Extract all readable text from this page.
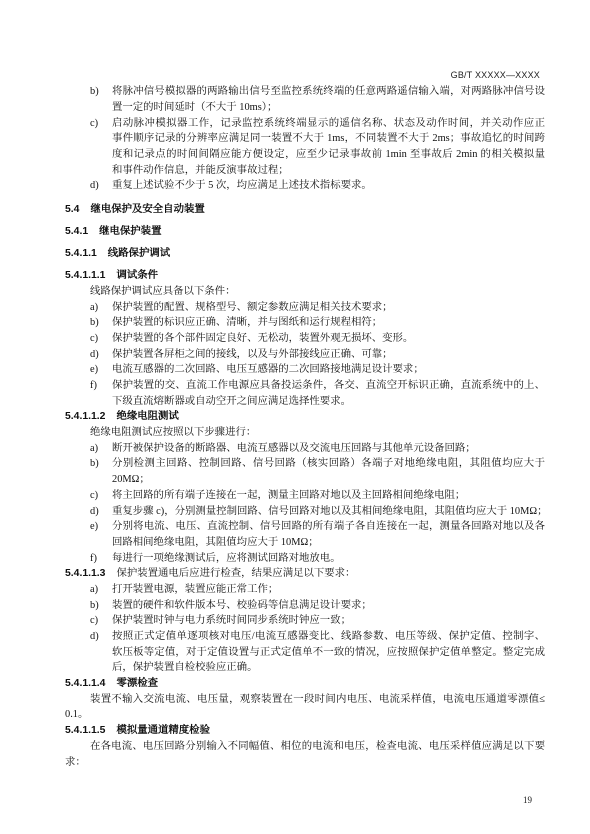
GB/T XXXXX—XXXX
b) 将脉冲信号模拟器的两路输出信号至监控系统终端的任意两路遥信输入端，对两路脉冲信号设
置一定的时间延时（不大于 10ms）；
c) 启动脉冲模拟器工作，记录监控系统终端显示的遥信名称、状态及动作时间，并关动作应正
事件顺序记录的分辨率应满足同一装置不大于 1ms，不同装置不大于 2ms；事故追忆的时间跨
度和记录点的时间间隔应能方便设定，应至少记录事故前 1min 至事故后 2min 的相关模拟量
和事件动作信息，并能反演事故过程；
d) 重复上述试验不少于 5 次，均应满足上述技术指标要求。
5.4 继电保护及安全自动装置
5.4.1 继电保护装置
5.4.1.1 线路保护调试
5.4.1.1.1 调试条件
线路保护调试应具备以下条件：
a) 保护装置的配置、规格型号、额定参数应满足相关技术要求；
b) 保护装置的标识应正确、清晰，并与图纸和运行规程相符；
c) 保护装置的各个部件固定良好、无松动，装置外观无损坏、变形。
d) 保护装置各屏柜之间的接线，以及与外部接线应正确、可靠；
e) 电流互感器的二次回路、电压互感器的二次回路接地满足设计要求；
f) 保护装置的交、直流工作电源应具备投运条件，各交、直流空开标识正确，直流系统中的上、
下级直流熔断器或自动空开之间应满足选择性要求。
5.4.1.1.2 绝缘电阻测试
绝缘电阻测试应按照以下步骤进行：
a) 断开被保护设备的断路器、电流互感器以及交流电压回路与其他单元设备回路；
b) 分别检测主回路、控制回路、信号回路（核实回路）各端子对地绝缘电阻，其阻值均应大于
20MΩ；
c) 将主回路的所有端子连接在一起，测量主回路对地以及主回路相间绝缘电阻；
d) 重复步骤 c)，分别测量控制回路、信号回路对地以及其相间绝缘电阻，其阻值均应大于 10MΩ；
e) 分别将电流、电压、直流控制、信号回路的所有端子各自连接在一起，测量各回路对地以及各
回路相间绝缘电阻，其阻值均应大于 10MΩ；
f) 每进行一项绝缘测试后，应将测试回路对地放电。
5.4.1.1.3 保护装置通电后应进行检查，结果应满足以下要求：
a) 打开装置电源，装置应能正常工作；
b) 装置的硬件和软件版本号、校验码等信息满足设计要求；
c) 保护装置时钟与电力系统时间同步系统时钟应一致；
d) 按照正式定值单逐项核对电压/电流互感器变比、线路参数、电压等级、保护定值、控制字、
软压板等定值，对于定值设置与正式定值单不一致的情况，应按照保护定值单整定。整定完成
后，保护装置自检校验应正确。
5.4.1.1.4 零漂检查
装置不输入交流电流、电压量，观察装置在一段时间内电压、电流采样值，电流电压通道零漂值≤
0.1。
5.4.1.1.5 模拟量通道精度检验
在各电流、电压回路分别输入不同幅值、相位的电流和电压，检查电流、电压采样值应满足以下要
求：
19
